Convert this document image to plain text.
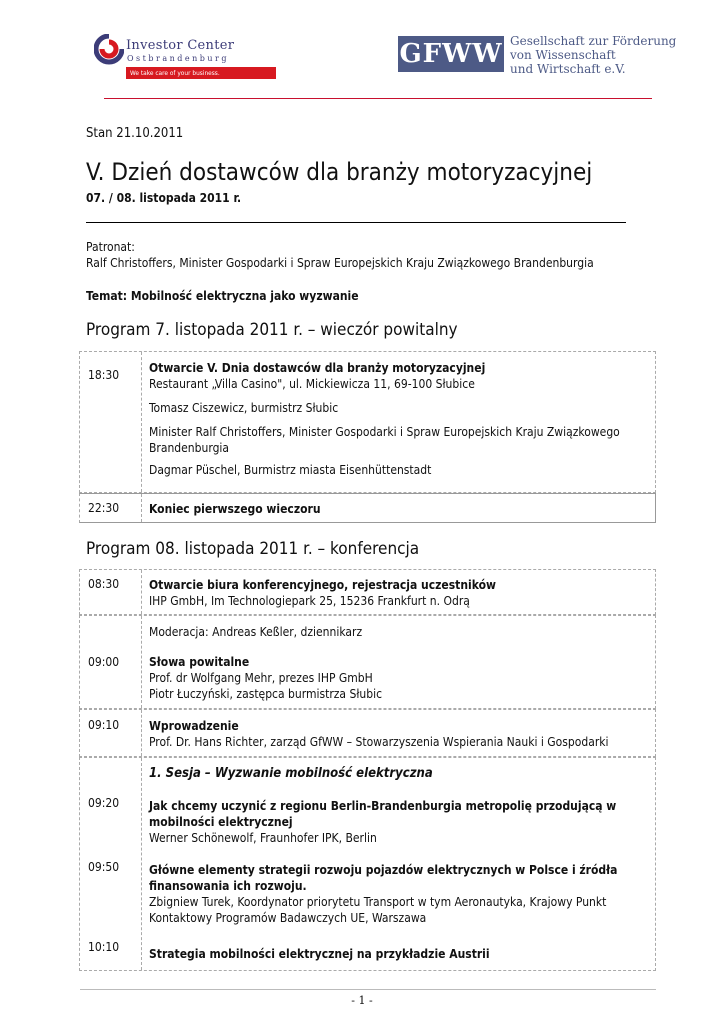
Investor Center
Ostbrandenburg
We take care of your business.
GFWW Gesellschaft zur Förderung
von Wissenschaft
und Wirtschaft e.V.
Stan 21.10.2011
V. Dzień dostawców dla branży motoryzacyjnej
07. / 08. listopada 2011 r.
Patronat:
Ralf Christoffers, Minister Gospodarki i Spraw Europejskich Kraju Związkowego Brandenburgia
Temat: Mobilność elektryczna jako wyzwanie
Program 7. listopada 2011 r. – wieczór powitalny
18:30 Otwarcie V. Dnia dostawców dla branży motoryzacyjnej

Restaurant „Villa Casino", ul. Mickiewicza 11, 69-100 Słubice

Tomasz Ciszewicz, burmistrz Słubic

Minister Ralf Christoffers, Minister Gospodarki i Spraw Europejskich Kraju Związkowego Brandenburgia

Dagmar Püschel, Burmistrz miasta Eisenhüttenstadt

22:30 Koniec pierwszego wieczoru
Program 08. listopada 2011 r. – konferencja
08:30 Otwarcie biura konferencyjnego, rejestracja uczestników

IHP GmbH, Im Technologiepark 25, 15236 Frankfurt n. Odrą

09:00

Moderacja: Andreas Keßler, dziennikarz

Słowa powitalne

Prof. dr Wolfgang Mehr, prezes IHP GmbH

Piotr Łuczyński, zastępca burmistrza Słubic

09:10 Wprowadzenie

Prof. Dr. Hans Richter, zarząd GfWW – Stowarzyszenia Wspierania Nauki i Gospodarki

1. Sesja – Wyzwanie mobilność elektryczna
09:20 Jak chcemy uczynić z regionu Berlin-Brandenburgia metropolię przodującą w mobilności elektrycznej

Werner Schönewolf, Fraunhofer IPK, Berlin

09:50 Główne elementy strategii rozwoju pojazdów elektrycznych w Polsce i źródła finansowania ich rozwoju.

Zbigniew Turek, Koordynator priorytetu Transport w tym Aeronautyka, Krajowy Punkt Kontaktowy Programów Badawczych UE, Warszawa

10:10 Strategia mobilności elektrycznej na przykładzie Austrii

- 1 -
